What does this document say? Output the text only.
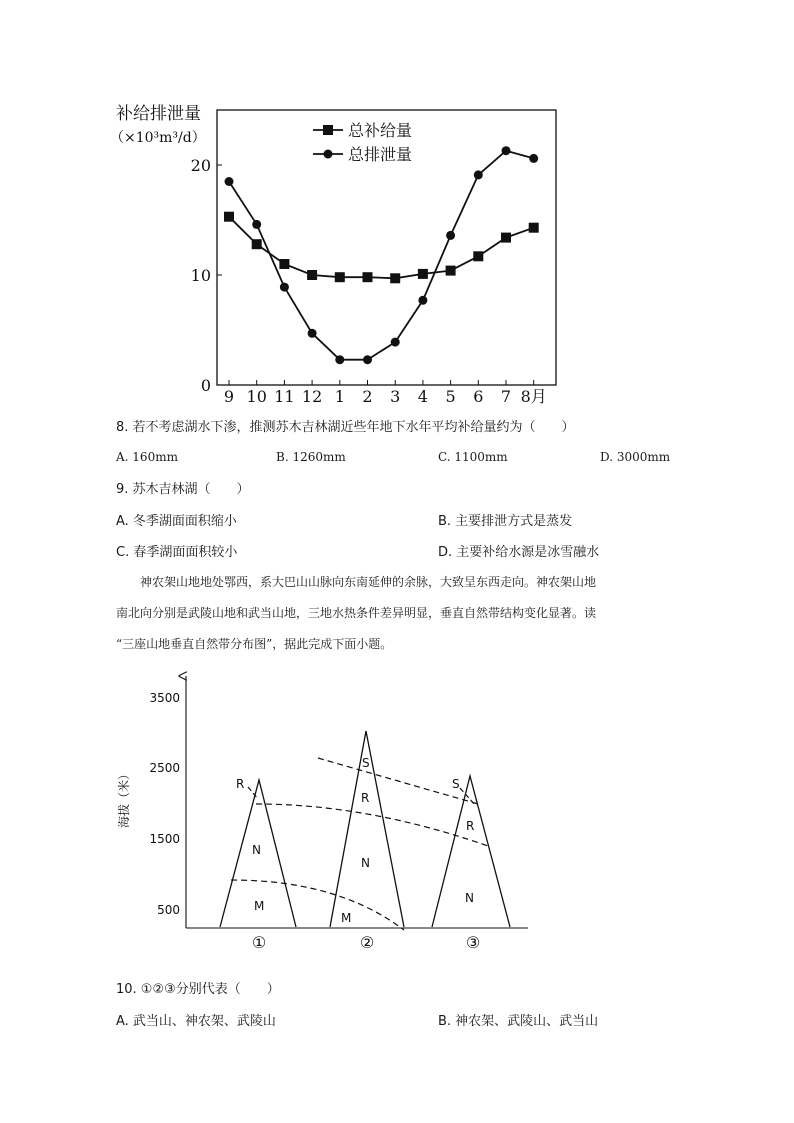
补给排泄量
（×10³m³/d）
0
10
20
9 10 11 12 1 2 3 4 5 6 7 8月
总补给量
总排泄量
8. 若不考虑湖水下渗，推测苏木吉林湖近些年地下水年平均补给量约为（　　）
A. 160mm	B. 1260mm	C. 1100mm	D. 3000mm
9. 苏木吉林湖（　　）
A. 冬季湖面面积缩小	B. 主要排泄方式是蒸发
C. 春季湖面面积较小	D. 主要补给水源是冰雪融水
神农架山地地处鄂西，系大巴山山脉向东南延伸的余脉，大致呈东西走向。神农架山地
南北向分别是武陵山地和武当山地，三地水热条件差异明显，垂直自然带结构变化显著。读
“三座山地垂直自然带分布图”，据此完成下面小题。
海拔（米）
3500
2500
1500
500
R
N
M
①
S
R
N
M
②
S
R
N
③
10. ①②③分别代表（　　）
A. 武当山、神农架、武陵山	B. 神农架、武陵山、武当山
